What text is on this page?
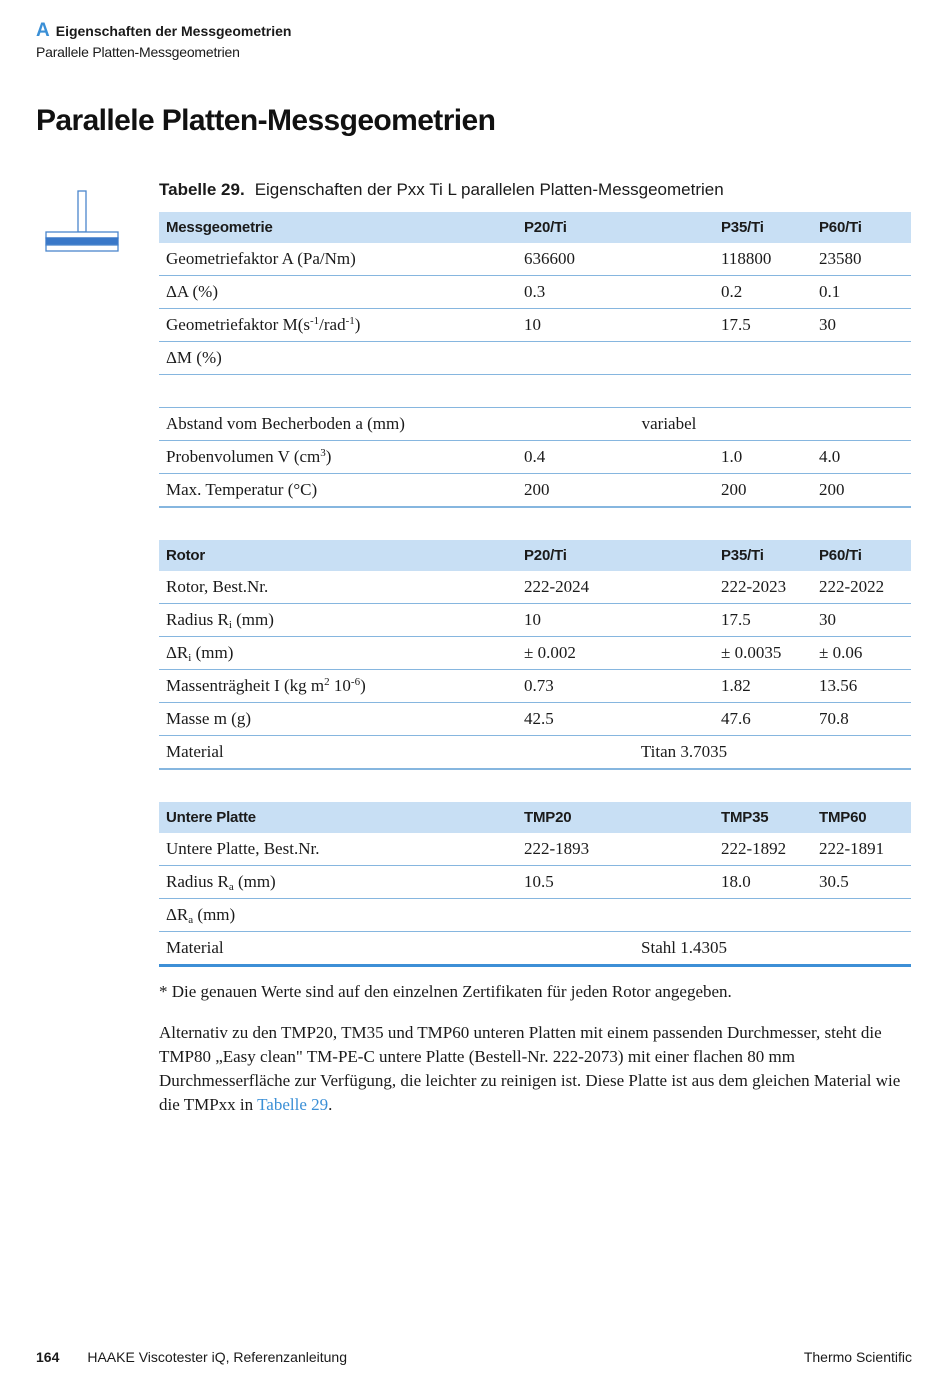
A Eigenschaften der Messgeometrien
Parallele Platten-Messgeometrien
Parallele Platten-Messgeometrien
Tabelle 29. Eigenschaften der Pxx Ti L parallelen Platten-Messgeometrien
Messgeometrie	P20/Ti	P35/Ti	P60/Ti
Geometriefaktor A (Pa/Nm)	636600	118800	23580
ΔA (%)	0.3	0.2	0.1
Geometriefaktor $M(s^{-1}/rad^{-1})$	10	17.5	30
ΔM (%)			

Abstand vom Becherboden a (mm)	variabel		
Probenvolumen V $(cm^3)$	0.4	1.0	4.0
Max. Temperatur (°C)	200	200	200

Rotor	P20/Ti	P35/Ti	P60/Ti
Rotor, Best.Nr.	222-2024	222-2023	222-2022
Radius $R_i$ (mm)	10	17.5	30
$\Delta R_i$ (mm)	± 0.002	± 0.0035	± 0.06
Massenträgheit I (kg $m^2$ $10^{-6}$)	0.73	1.82	13.56
Masse m (g)	42.5	47.6	70.8
Material	Titan 3.7035		

Untere Platte	TMP20	TMP35	TMP60
Untere Platte, Best.Nr.	222-1893	222-1892	222-1891
Radius $R_a$ (mm)	10.5	18.0	30.5
$\Delta R_a$ (mm)			
Material	Stahl 1.4305		

* Die genauen Werte sind auf den einzelnen Zertifikaten für jeden Rotor angegeben.

Alternativ zu den TMP20, TM35 und TMP60 unteren Platten mit einem passenden Durchmesser, steht die TMP80 „Easy clean" TM-PE-C untere Platte (Bestell-Nr. 222-2073) mit einer flachen 80 mm Durchmesserfläche zur Verfügung, die leichter zu reinigen ist. Diese Platte ist aus dem gleichen Material wie die TMPxx in Tabelle 29.

164 HAAKE Viscotester iQ, Referenzanleitung	Thermo Scientific
